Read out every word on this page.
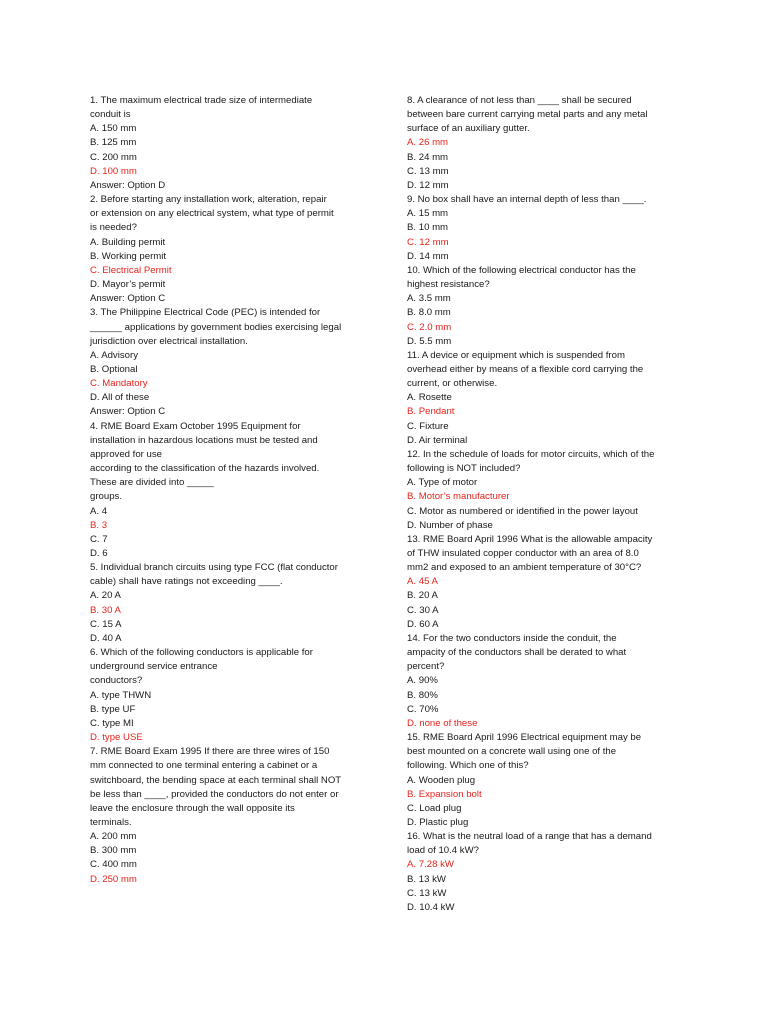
1. The maximum electrical trade size of intermediate
conduit is
A. 150 mm
B. 125 mm
C. 200 mm
D. 100 mm
Answer: Option D
2. Before starting any installation work, alteration, repair
or extension on any electrical system, what type of permit
is needed?
A. Building permit
B. Working permit
C. Electrical Permit
D. Mayor’s permit
Answer: Option C
3. The Philippine Electrical Code (PEC) is intended for
______ applications by government bodies exercising legal
jurisdiction over electrical installation.
A. Advisory
B. Optional
C. Mandatory
D. All of these
Answer: Option C
4. RME Board Exam October 1995 Equipment for
installation in hazardous locations must be tested and
approved for use
according to the classification of the hazards involved.
These are divided into _____
groups.
A. 4
B. 3
C. 7
D. 6
5. Individual branch circuits using type FCC (flat conductor
cable) shall have ratings not exceeding ____.
A. 20 A
B. 30 A
C. 15 A
D. 40 A
6. Which of the following conductors is applicable for
underground service entrance
conductors?
A. type THWN
B. type UF
C. type MI
D. type USE
7. RME Board Exam 1995 If there are three wires of 150
mm connected to one terminal entering a cabinet or a
switchboard, the bending space at each terminal shall NOT
be less than ____, provided the conductors do not enter or
leave the enclosure through the wall opposite its
terminals.
A. 200 mm
B. 300 mm
C. 400 mm
D. 250 mm
8. A clearance of not less than ____ shall be secured
between bare current carrying metal parts and any metal
surface of an auxiliary gutter.
A. 26 mm
B. 24 mm
C. 13 mm
D. 12 mm
9. No box shall have an internal depth of less than ____.
A. 15 mm
B. 10 mm
C. 12 mm
D. 14 mm
10. Which of the following electrical conductor has the
highest resistance?
A. 3.5 mm
B. 8.0 mm
C. 2.0 mm
D. 5.5 mm
11. A device or equipment which is suspended from
overhead either by means of a flexible cord carrying the
current, or otherwise.
A. Rosette
B. Pendant
C. Fixture
D. Air terminal
12. In the schedule of loads for motor circuits, which of the
following is NOT included?
A. Type of motor
B. Motor’s manufacturer
C. Motor as numbered or identified in the power layout
D. Number of phase
13. RME Board April 1996 What is the allowable ampacity
of THW insulated copper conductor with an area of 8.0
mm2 and exposed to an ambient temperature of 30°C?
A. 45 A
B. 20 A
C. 30 A
D. 60 A
14. For the two conductors inside the conduit, the
ampacity of the conductors shall be derated to what
percent?
A. 90%
B. 80%
C. 70%
D. none of these
15. RME Board April 1996 Electrical equipment may be
best mounted on a concrete wall using one of the
following. Which one of this?
A. Wooden plug
B. Expansion bolt
C. Load plug
D. Plastic plug
16. What is the neutral load of a range that has a demand
load of 10.4 kW?
A. 7.28 kW
B. 13 kW
C. 13 kW
D. 10.4 kW
